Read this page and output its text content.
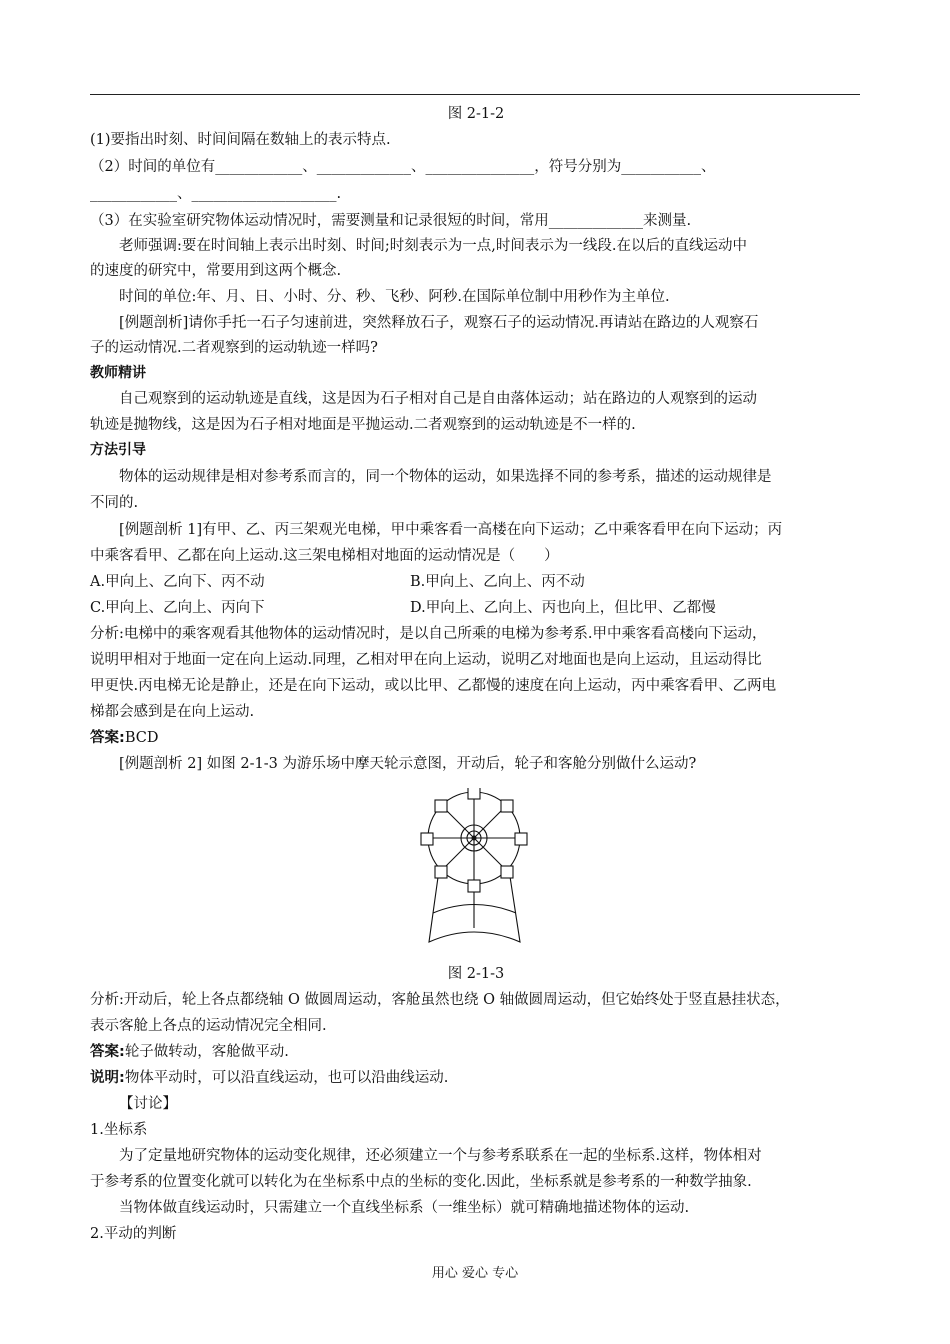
图 2-1-2
(1)要指出时刻、时间间隔在数轴上的表示特点.
（2）时间的单位有____________、_____________、_______________，符号分别为___________、
____________、____________________.
（3）在实验室研究物体运动情况时，需要测量和记录很短的时间，常用_____________来测量.
老师强调:要在时间轴上表示出时刻、时间;时刻表示为一点,时间表示为一线段.在以后的直线运动中
的速度的研究中，常要用到这两个概念.
时间的单位:年、月、日、小时、分、秒、飞秒、阿秒.在国际单位制中用秒作为主单位.
[例题剖析]请你手托一石子匀速前进，突然释放石子，观察石子的运动情况.再请站在路边的人观察石
子的运动情况.二者观察到的运动轨迹一样吗?
教师精讲
自己观察到的运动轨迹是直线，这是因为石子相对自己是自由落体运动；站在路边的人观察到的运动
轨迹是抛物线，这是因为石子相对地面是平抛运动.二者观察到的运动轨迹是不一样的.
方法引导
物体的运动规律是相对参考系而言的，同一个物体的运动，如果选择不同的参考系，描述的运动规律是
不同的.
[例题剖析 1]有甲、乙、丙三架观光电梯，甲中乘客看一高楼在向下运动；乙中乘客看甲在向下运动；丙
中乘客看甲、乙都在向上运动.这三架电梯相对地面的运动情况是（　　）
A.甲向上、乙向下、丙不动	B.甲向上、乙向上、丙不动
C.甲向上、乙向上、丙向下	D.甲向上、乙向上、丙也向上，但比甲、乙都慢
分析:电梯中的乘客观看其他物体的运动情况时，是以自己所乘的电梯为参考系.甲中乘客看高楼向下运动，
说明甲相对于地面一定在向上运动.同理，乙相对甲在向上运动，说明乙对地面也是向上运动，且运动得比
甲更快.丙电梯无论是静止，还是在向下运动，或以比甲、乙都慢的速度在向上运动，丙中乘客看甲、乙两电
梯都会感到是在向上运动.
答案:BCD
[例题剖析 2] 如图 2-1-3 为游乐场中摩天轮示意图，开动后，轮子和客舱分别做什么运动?
图 2-1-3
分析:开动后，轮上各点都绕轴 O 做圆周运动，客舱虽然也绕 O 轴做圆周运动，但它始终处于竖直悬挂状态，
表示客舱上各点的运动情况完全相同.
答案:轮子做转动，客舱做平动.
说明:物体平动时，可以沿直线运动，也可以沿曲线运动.
【讨论】
1.坐标系
为了定量地研究物体的运动变化规律，还必须建立一个与参考系联系在一起的坐标系.这样，物体相对
于参考系的位置变化就可以转化为在坐标系中点的坐标的变化.因此，坐标系就是参考系的一种数学抽象.
当物体做直线运动时，只需建立一个直线坐标系（一维坐标）就可精确地描述物体的运动.
2.平动的判断
用心 爱心 专心
